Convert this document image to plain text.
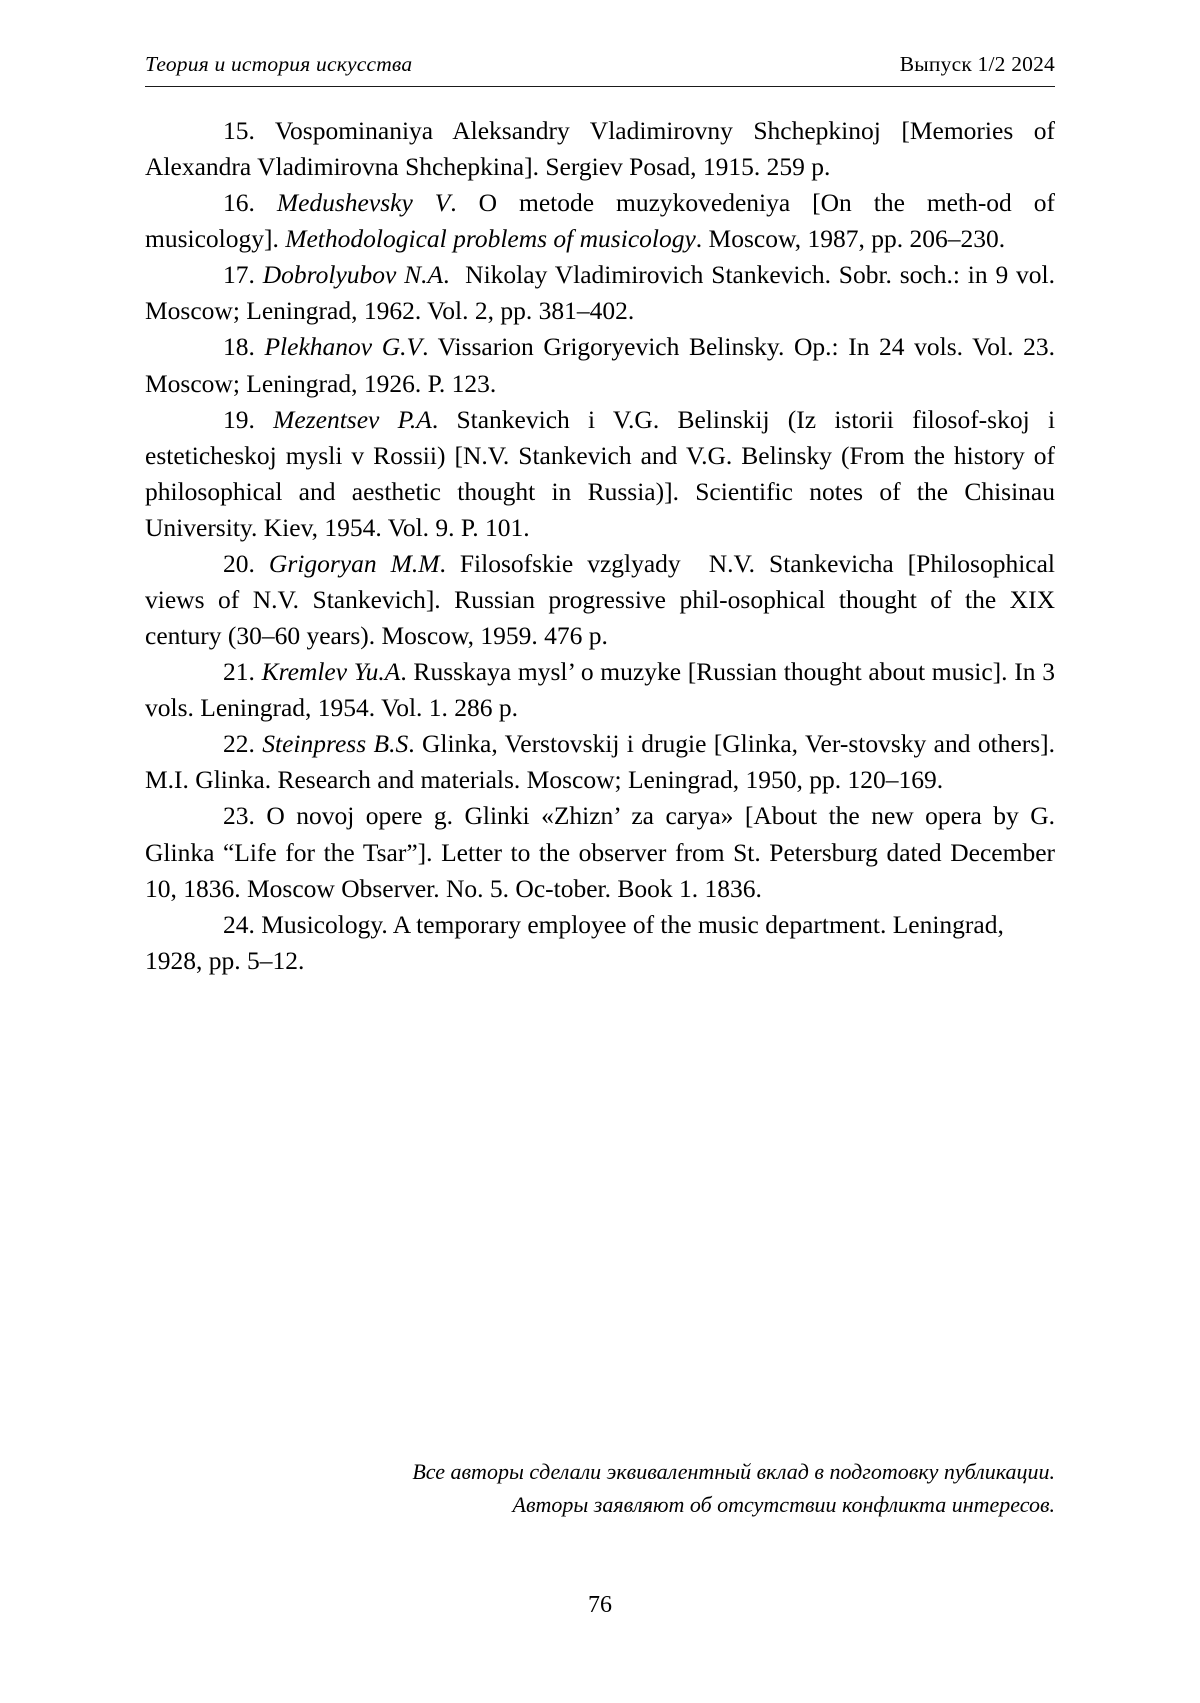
Теория и история искусства	Выпуск 1/2 2024

15. Vospominaniya Aleksandry Vladimirovny Shchepkinoj [Memories of Alexandra Vladimirovna Shchepkina]. Sergiev Posad, 1915. 259 p.

16. Medushevsky V. O metode muzykovedeniya [On the meth-od of musicology]. Methodological problems of musicology. Moscow, 1987, pp. 206–230.

17. Dobrolyubov N.A.  Nikolay Vladimirovich Stankevich. Sobr. soch.: in 9 vol. Moscow; Leningrad, 1962. Vol. 2, pp. 381–402.

18. Plekhanov G.V. Vissarion Grigoryevich Belinsky. Op.: In 24 vols. Vol. 23. Moscow; Leningrad, 1926. P. 123.

19. Mezentsev P.A. Stankevich i V.G. Belinskij (Iz istorii filosof-skoj i esteticheskoj mysli v Rossii) [N.V. Stankevich and V.G. Belinsky (From the history of philosophical and aesthetic thought in Russia)]. Scientific notes of the Chisinau University. Kiev, 1954. Vol. 9. P. 101.

20. Grigoryan M.M. Filosofskie vzglyady  N.V. Stankevicha [Philosophical views of N.V. Stankevich]. Russian progressive phil-osophical thought of the XIX century (30–60 years). Moscow, 1959. 476 p.

21. Kremlev Yu.A. Russkaya mysl’ o muzyke [Russian thought about music]. In 3 vols. Leningrad, 1954. Vol. 1. 286 p.

22. Steinpress B.S. Glinka, Verstovskij i drugie [Glinka, Ver-stovsky and others]. M.I. Glinka. Research and materials. Moscow; Leningrad, 1950, pp. 120–169.

23. O novoj opere g. Glinki «Zhizn’ za carya» [About the new opera by G. Glinka “Life for the Tsar”]. Letter to the observer from St. Petersburg dated December 10, 1836. Moscow Observer. No. 5. Oc-tober. Book 1. 1836.

24. Musicology. A temporary employee of the music department. Leningrad, 1928, pp. 5–12.

Все авторы сделали эквивалентный вклад в подготовку публикации.
Авторы заявляют об отсутствии конфликта интересов.
76
